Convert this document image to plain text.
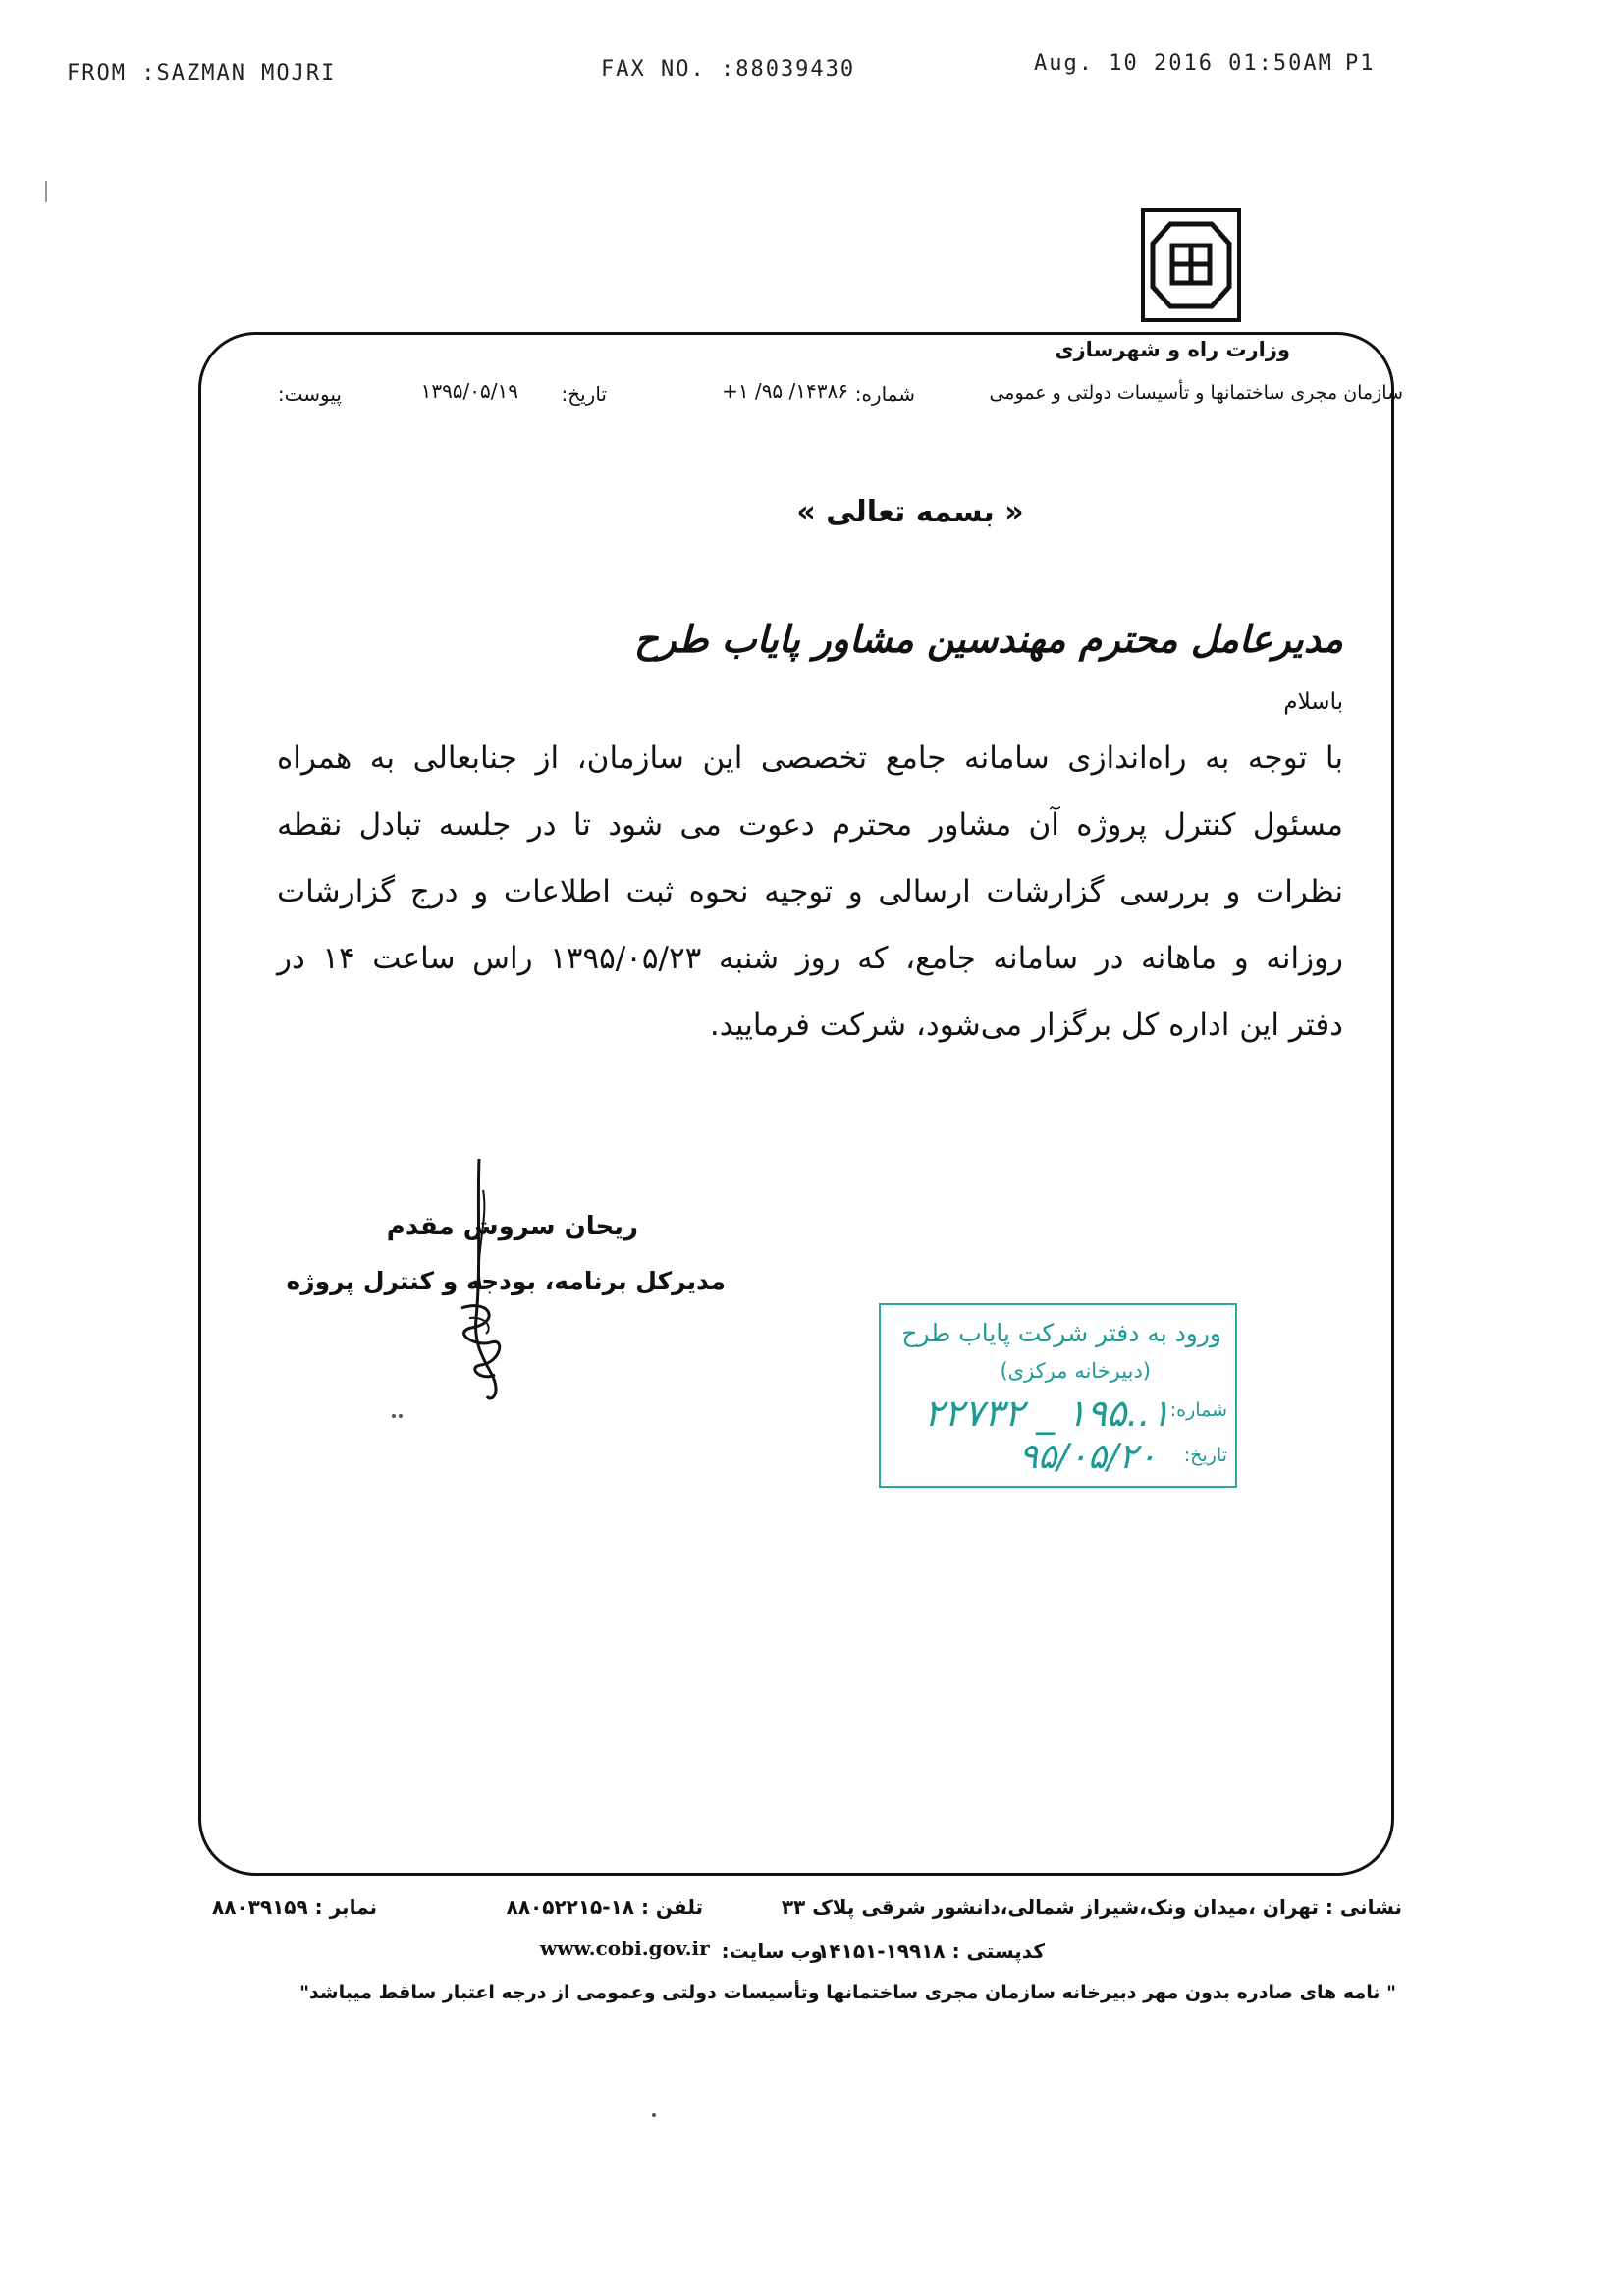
FROM :SAZMAN MOJRI	FAX NO. :88039430	Aug. 10 2016 01:50AM P1
وزارت راه و شهرسازی
سازمان مجری ساختمانها و تأسیسات دولتی و عمومی
شماره:
۱۴۳۸۶/ ۹۵/ ۱+
تاریخ:
۱۳۹۵/۰۵/۱۹
پیوست:
« بسمه تعالی »
مدیرعامل محترم مهندسین مشاور پایاب طرح
باسلام
با توجه به راه‌اندازی سامانه جامع تخصصی این سازمان، از جنابعالی به همراه
مسئول کنترل پروژه آن مشاور محترم دعوت می شود تا در جلسه تبادل نقطه
نظرات و بررسی گزارشات ارسالی و توجیه نحوه ثبت اطلاعات و درج گزارشات
روزانه و ماهانه در سامانه جامع، که روز شنبه ۱۳۹۵/۰۵/۲۳ راس ساعت ۱۴ در
دفتر این اداره کل برگزار می‌شود، شرکت فرمایید.
ریحان سروش مقدم
مدیرکل برنامه، بودجه و کنترل پروژه
ورود به دفتر شرکت پایاب طرح
(دبیرخانه مرکزی)
شماره:
۱..۱۹۵ _ ۲۲۷۳۲
تاریخ:
۹۵/۰۵/۲۰
نشانی : تهران ،میدان ونک،شیراز شمالی،دانشور شرقی پلاک ۳۳
تلفن : ۱۸-۸۸۰۵۲۲۱۵
نمابر : ۸۸۰۳۹۱۵۹
کدپستی : ۱۹۹۱۸-۱۴۱۵۱
وب سایت:
www.cobi.gov.ir
" نامه های صادره بدون مهر دبیرخانه سازمان مجری ساختمانها وتأسیسات دولتی وعمومی از درجه اعتبار ساقط میباشد"
